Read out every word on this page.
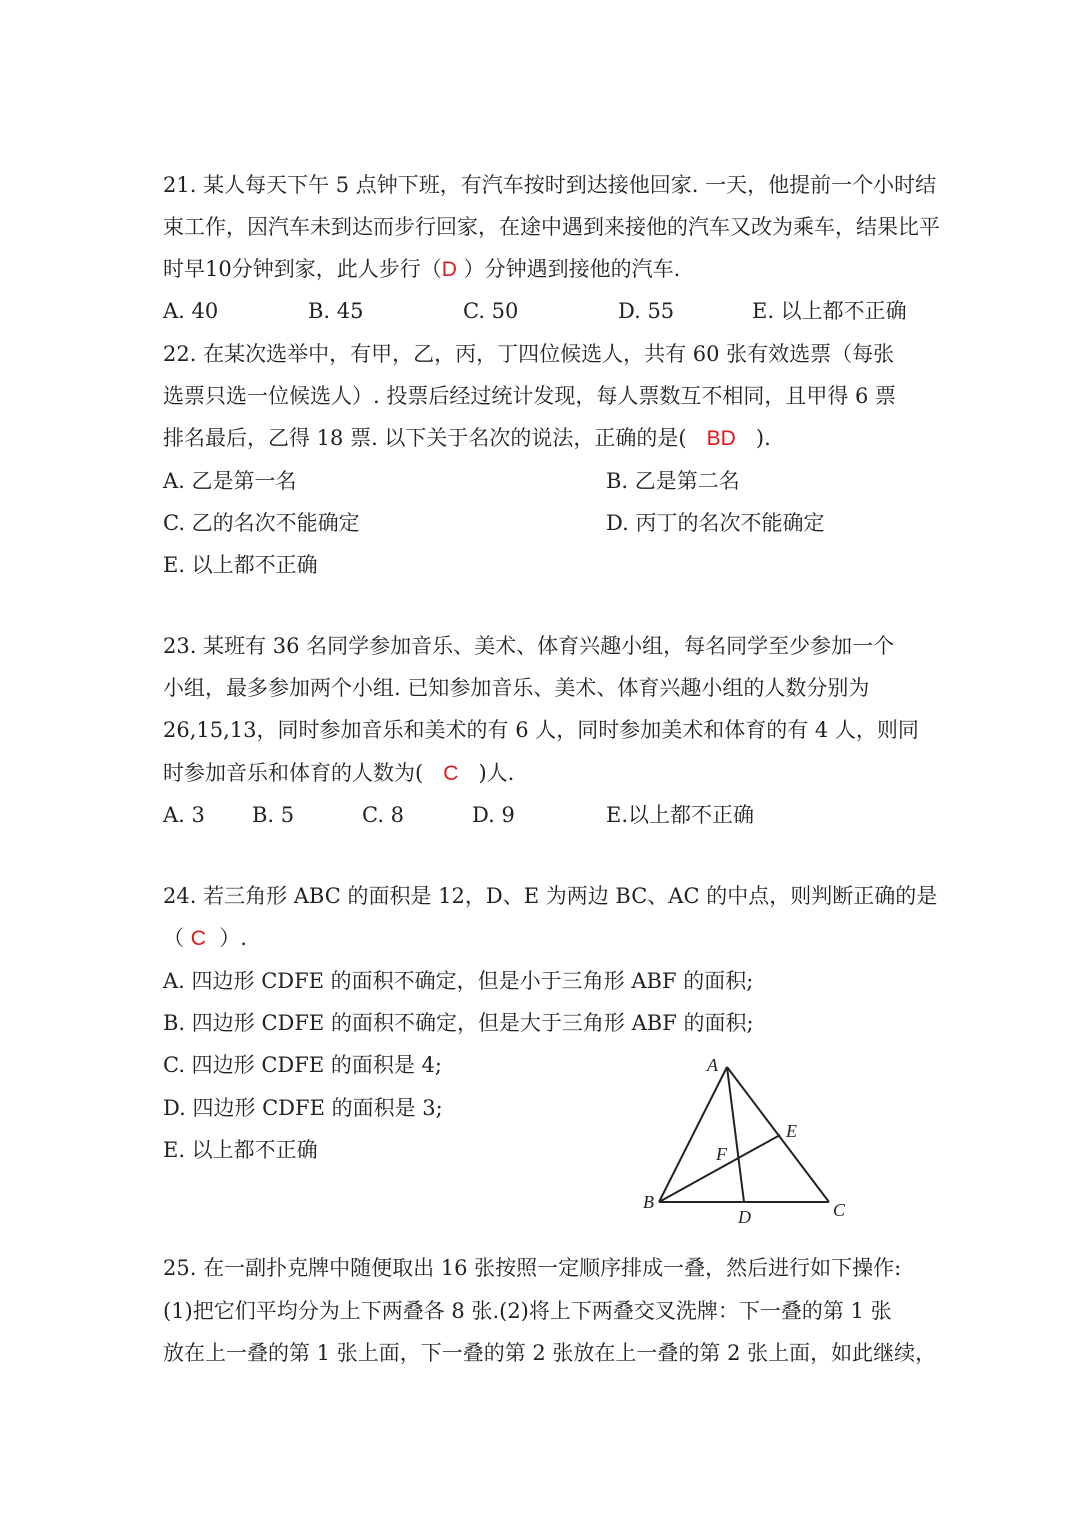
21. 某人每天下午 5 点钟下班，有汽车按时到达接他回家. 一天，他提前一个小时结
束工作，因汽车未到达而步行回家，在途中遇到来接他的汽车又改为乘车，结果比平
时早10分钟到家，此人步行（D ）分钟遇到接他的汽车.
A. 40	B. 45	C. 50	D. 55	E. 以上都不正确
22. 在某次选举中，有甲，乙，丙，丁四位候选人，共有 60 张有效选票（每张
选票只选一位候选人）. 投票后经过统计发现，每人票数互不相同，且甲得 6 票
排名最后，乙得 18 票. 以下关于名次的说法，正确的是( BD   ).
A. 乙是第一名	B. 乙是第二名
C. 乙的名次不能确定	D. 丙丁的名次不能确定
E. 以上都不正确
23. 某班有 36 名同学参加音乐、美术、体育兴趣小组，每名同学至少参加一个
小组，最多参加两个小组. 已知参加音乐、美术、体育兴趣小组的人数分别为
26,15,13，同时参加音乐和美术的有 6 人，同时参加美术和体育的有 4 人，则同
时参加音乐和体育的人数为( C   )人.
A. 3 B. 5	C. 8	D. 9	E.以上都不正确
24. 若三角形 ABC 的面积是 12，D、E 为两边 BC、AC 的中点，则判断正确的是
（ C  ）.
A. 四边形 CDFE 的面积不确定，但是小于三角形 ABF 的面积;
B. 四边形 CDFE 的面积不确定，但是大于三角形 ABF 的面积;
C. 四边形 CDFE 的面积是 4;
D. 四边形 CDFE 的面积是 3;
E. 以上都不正确
A
B	C
D
E
F
25. 在一副扑克牌中随便取出 16 张按照一定顺序排成一叠，然后进行如下操作:
(1)把它们平均分为上下两叠各 8 张.(2)将上下两叠交叉洗牌：下一叠的第 1 张
放在上一叠的第 1 张上面，下一叠的第 2 张放在上一叠的第 2 张上面，如此继续，
